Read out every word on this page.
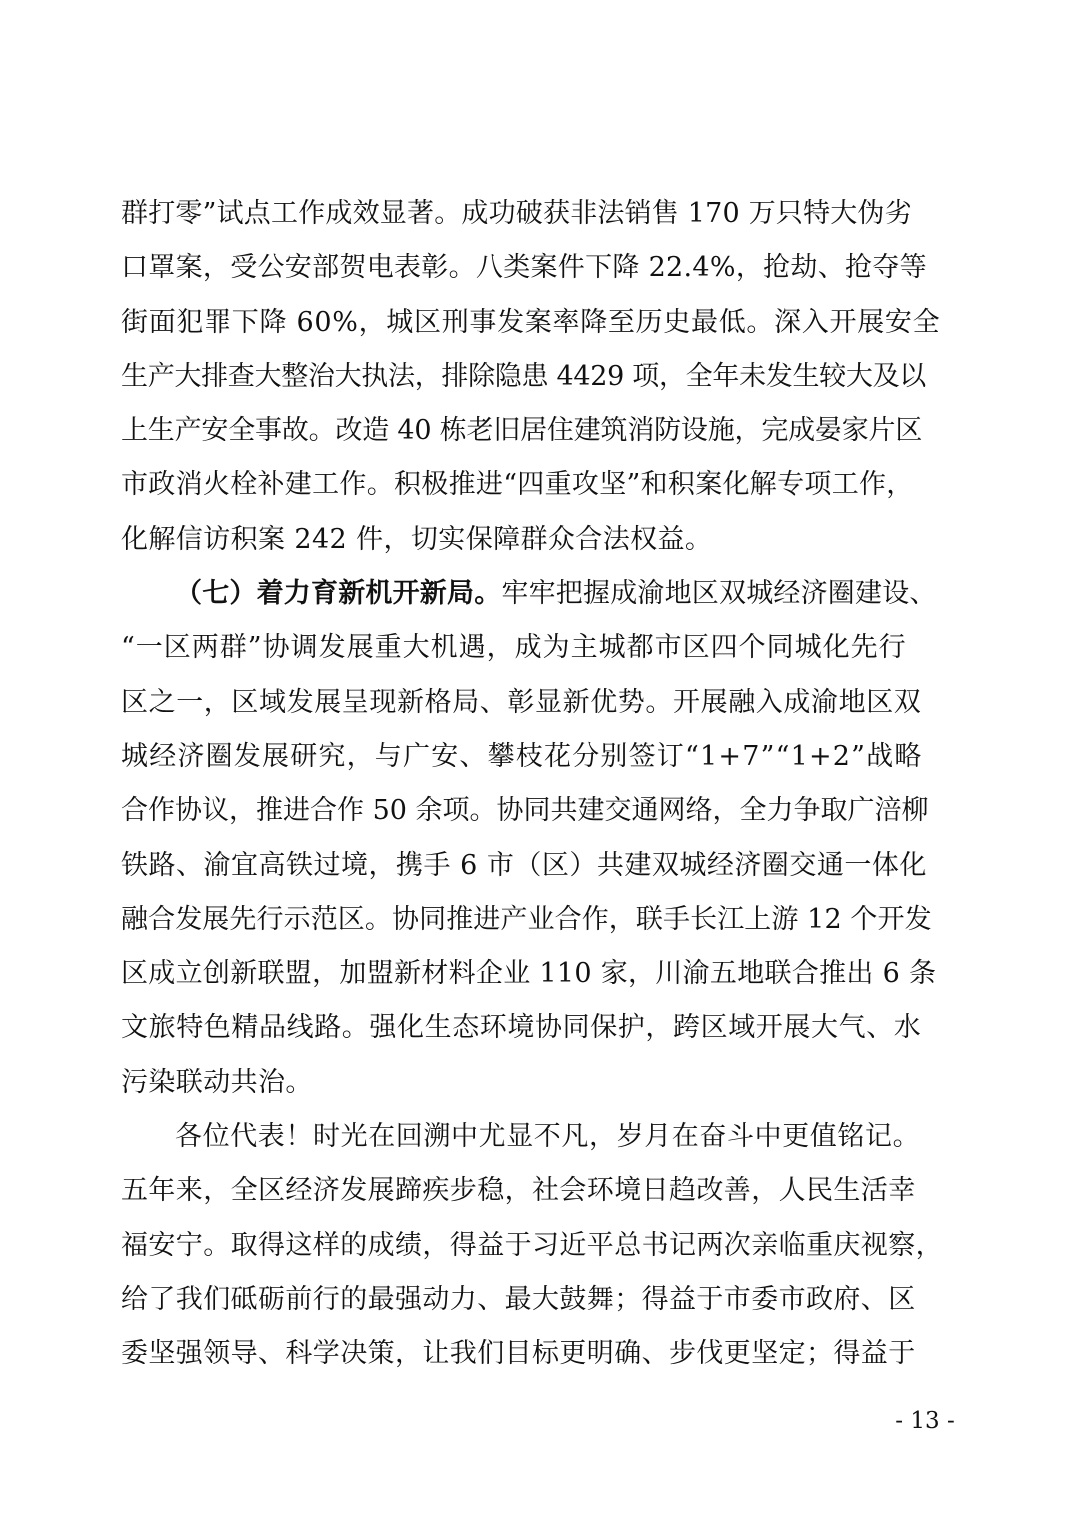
群打零”试点工作成效显著。成功破获非法销售 170 万只特大伪劣
口罩案，受公安部贺电表彰。八类案件下降 22.4%，抢劫、抢夺等
街面犯罪下降 60%，城区刑事发案率降至历史最低。深入开展安全
生产大排查大整治大执法，排除隐患 4429 项，全年未发生较大及以
上生产安全事故。改造 40 栋老旧居住建筑消防设施，完成晏家片区
市政消火栓补建工作。积极推进“四重攻坚”和积案化解专项工作，
化解信访积案 242 件，切实保障群众合法权益。
（七）着力育新机开新局。牢牢把握成渝地区双城经济圈建设、
“一区两群”协调发展重大机遇，成为主城都市区四个同城化先行
区之一，区域发展呈现新格局、彰显新优势。开展融入成渝地区双
城经济圈发展研究，与广安、攀枝花分别签订“1+7”“1+2”战略
合作协议，推进合作 50 余项。协同共建交通网络，全力争取广涪柳
铁路、渝宜高铁过境，携手 6 市（区）共建双城经济圈交通一体化
融合发展先行示范区。协同推进产业合作，联手长江上游 12 个开发
区成立创新联盟，加盟新材料企业 110 家，川渝五地联合推出 6 条
文旅特色精品线路。强化生态环境协同保护，跨区域开展大气、水
污染联动共治。
各位代表！时光在回溯中尤显不凡，岁月在奋斗中更值铭记。
五年来，全区经济发展蹄疾步稳，社会环境日趋改善，人民生活幸
福安宁。取得这样的成绩，得益于习近平总书记两次亲临重庆视察，
给了我们砥砺前行的最强动力、最大鼓舞；得益于市委市政府、区
委坚强领导、科学决策，让我们目标更明确、步伐更坚定；得益于
- 13 -
